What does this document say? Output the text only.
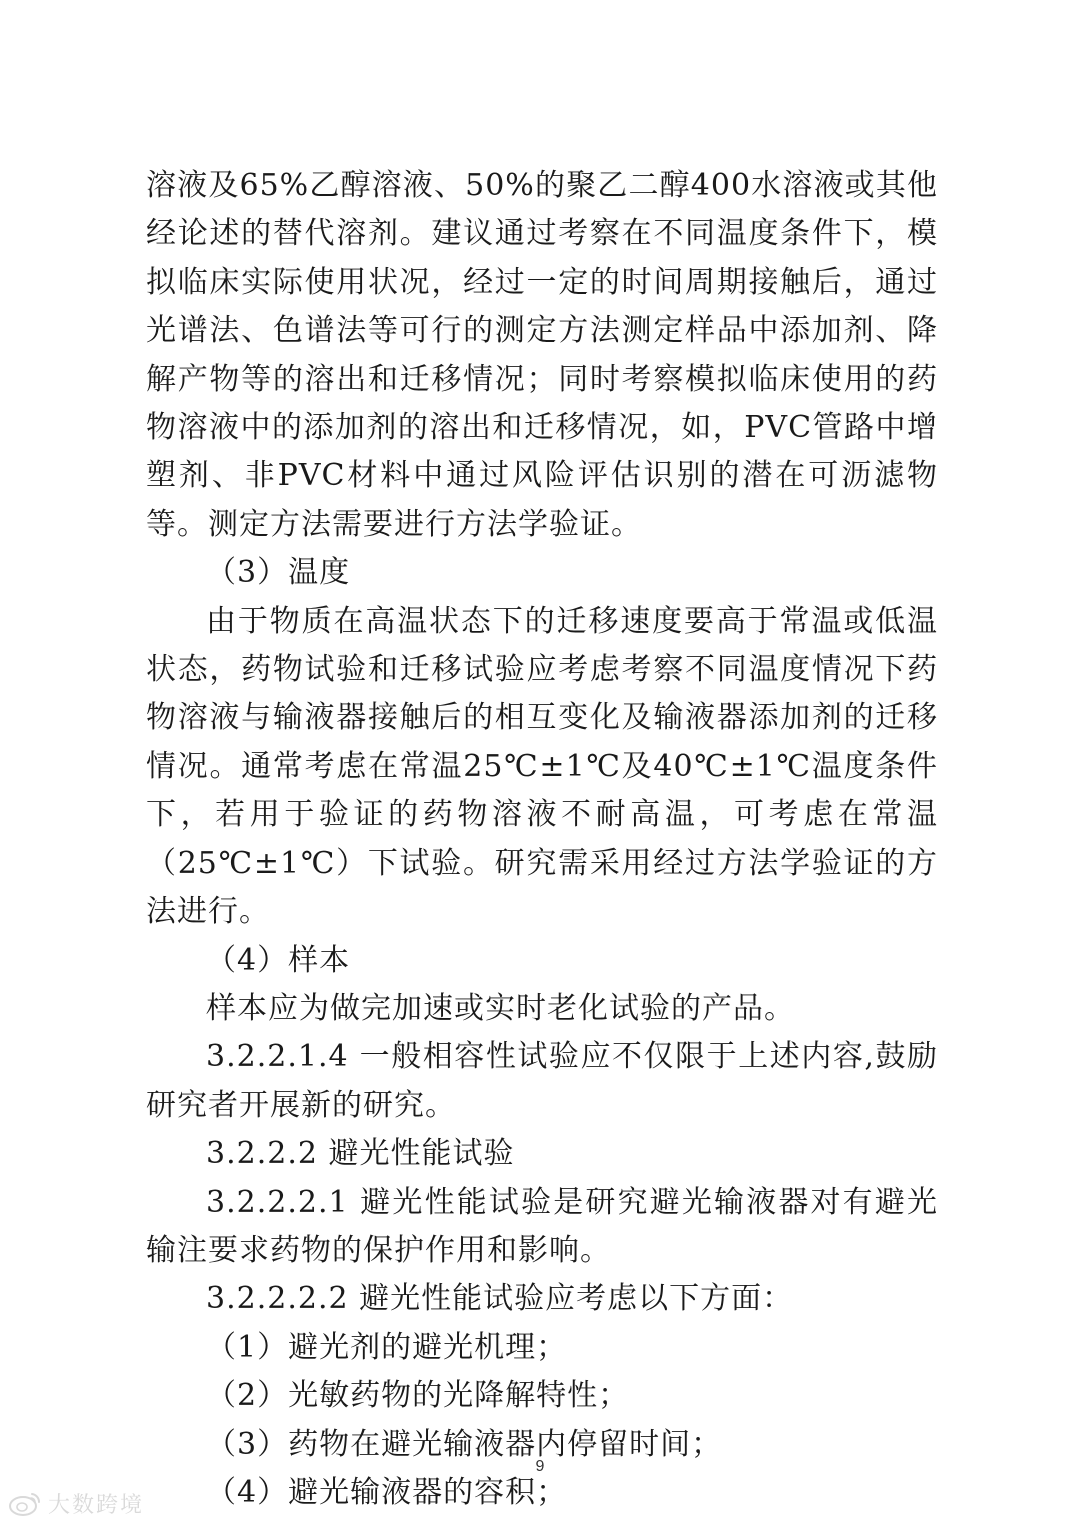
溶液及65%乙醇溶液、50%的聚乙二醇400水溶液或其他经论述的替代溶剂。建议通过考察在不同温度条件下，模拟临床实际使用状况，经过一定的时间周期接触后，通过光谱法、色谱法等可行的测定方法测定样品中添加剂、降解产物等的溶出和迁移情况；同时考察模拟临床使用的药物溶液中的添加剂的溶出和迁移情况，如，PVC管路中增塑剂、非PVC材料中通过风险评估识别的潜在可沥滤物等。测定方法需要进行方法学验证。

（3）温度

由于物质在高温状态下的迁移速度要高于常温或低温状态，药物试验和迁移试验应考虑考察不同温度情况下药物溶液与输液器接触后的相互变化及输液器添加剂的迁移情况。通常考虑在常温25℃±1℃及40℃±1℃温度条件下，若用于验证的药物溶液不耐高温，可考虑在常温（25℃±1℃）下试验。研究需采用经过方法学验证的方法进行。

（4）样本

样本应为做完加速或实时老化试验的产品。

3.2.2.1.4 一般相容性试验应不仅限于上述内容,鼓励研究者开展新的研究。

3.2.2.2 避光性能试验

3.2.2.2.1 避光性能试验是研究避光输液器对有避光输注要求药物的保护作用和影响。

3.2.2.2.2 避光性能试验应考虑以下方面：

（1）避光剂的避光机理；

（2）光敏药物的光降解特性；

（3）药物在避光输液器内停留时间；

（4）避光输液器的容积；

9
大数跨境
